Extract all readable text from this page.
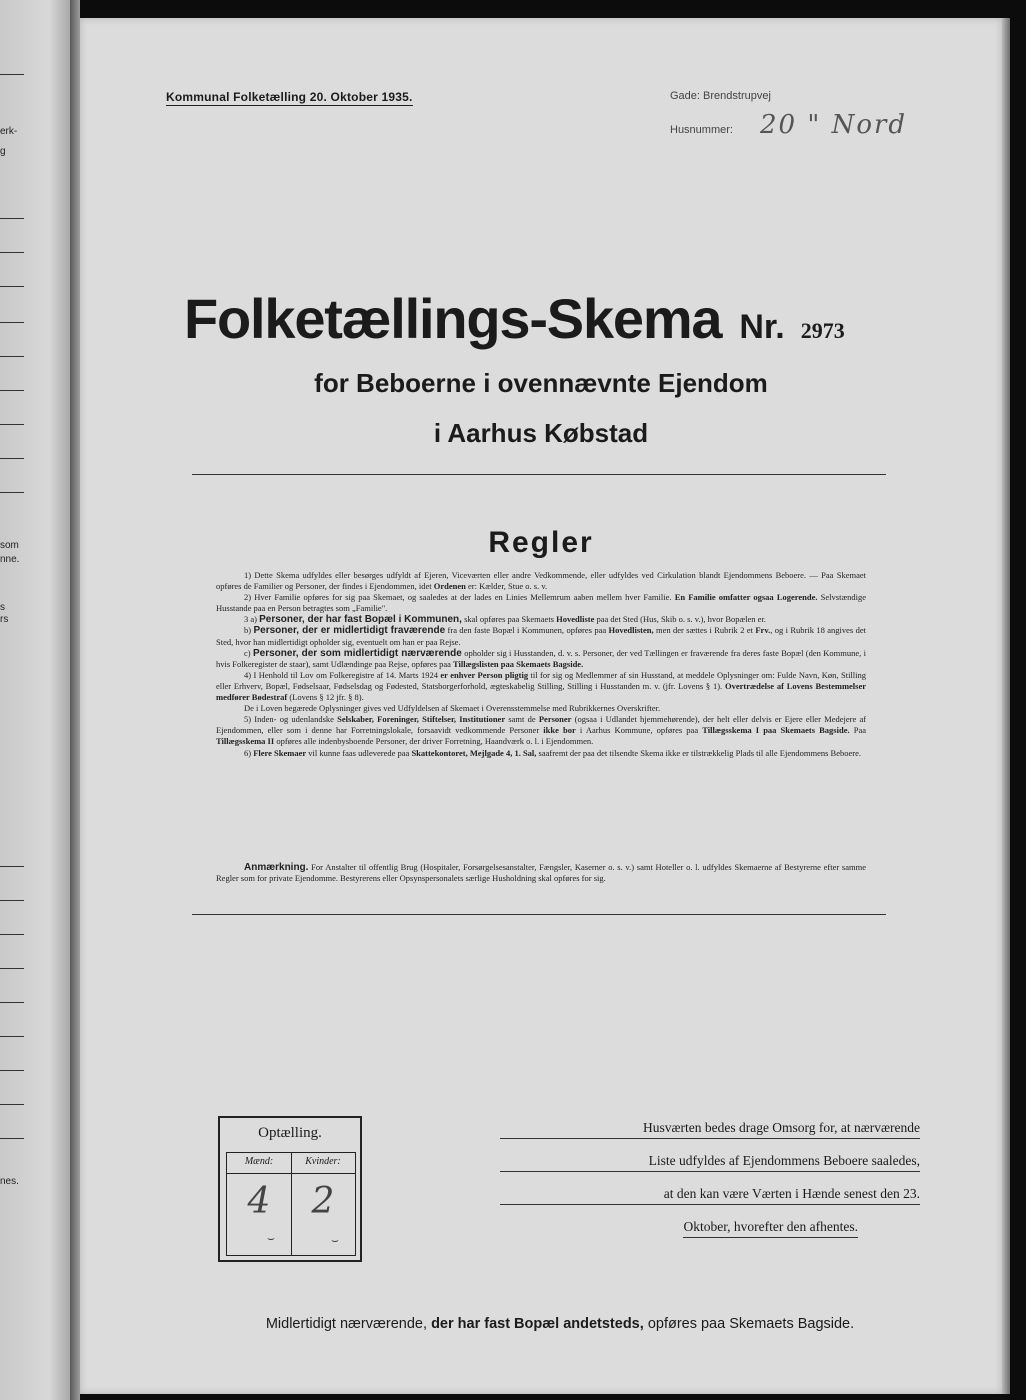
erk-
g
som
nne.
s
rs
nes.
Kommunal Folketælling 20. Oktober 1935.	Gade: Brendstrupvej
Husnummer: 20 " Nord
Folketællings-Skema Nr. 2973
for Beboerne i ovennævnte Ejendom
i Aarhus Købstad
Regler

1) Dette Skema udfyldes eller besørges udfyldt af Ejeren, Viceværten eller andre Vedkommende, eller udfyldes ved Cirkulation blandt Ejendommens Beboere. — Paa Skemaet opføres de Familier og Personer, der findes i Ejendommen, idet Ordenen er: Kælder, Stue o. s. v.

2) Hver Familie opføres for sig paa Skemaet, og saaledes at der lades en Linies Mellemrum aaben mellem hver Familie. En Familie omfatter ogsaa Logerende. Selvstændige Husstande paa en Person betragtes som „Familie".

3 a) Personer, der har fast Bopæl i Kommunen, skal opføres paa Skemaets Hovedliste paa det Sted (Hus, Skib o. s. v.), hvor Bopælen er.

b) Personer, der er midlertidigt fraværende fra den faste Bopæl i Kommunen, opføres paa Hovedlisten, men der sættes i Rubrik 2 et Frv., og i Rubrik 18 angives det Sted, hvor han midlertidigt opholder sig, eventuelt om han er paa Rejse.

c) Personer, der som midlertidigt nærværende opholder sig i Husstanden, d. v. s. Personer, der ved Tællingen er fraværende fra deres faste Bopæl (den Kommune, i hvis Folkeregister de staar), samt Udlændinge paa Rejse, opføres paa Tillægslisten paa Skemaets Bagside.

4) I Henhold til Lov om Folkeregistre af 14. Marts 1924 er enhver Person pligtig til for sig og Medlemmer af sin Husstand, at meddele Oplysninger om: Fulde Navn, Køn, Stilling eller Erhverv, Bopæl, Fødselsaar, Fødselsdag og Fødested, Statsborgerforhold, ægteskabelig Stilling, Stilling i Husstanden m. v. (jfr. Lovens § 1). Overtrædelse af Lovens Bestemmelser medfører Bødestraf (Lovens § 12 jfr. § 8).

De i Loven begærede Oplysninger gives ved Udfyldelsen af Skemaet i Overensstemmelse med Rubrikkernes Overskrifter.

5) Inden- og udenlandske Selskaber, Foreninger, Stiftelser, Institutioner samt de Personer (ogsaa i Udlandet hjemmehørende), der helt eller delvis er Ejere eller Medejere af Ejendommen, eller som i denne har Forretningslokale, forsaavidt vedkommende Personer ikke bor i Aarhus Kommune, opføres paa Tillægsskema I paa Skemaets Bagside. Paa Tillægsskema II opføres alle indenbysboende Personer, der driver Forretning, Haandværk o. l. i Ejendommen.

6) Flere Skemaer vil kunne faas udleverede paa Skattekontoret, Mejlgade 4, 1. Sal, saafremt der paa det tilsendte Skema ikke er tilstrækkelig Plads til alle Ejendommens Beboere.

Anmærkning. For Anstalter til offentlig Brug (Hospitaler, Forsørgelsesanstalter, Fængsler, Kaserner o. s. v.) samt Hoteller o. l. udfyldes Skemaerne af Bestyrerne efter samme Regler som for private Ejendomme. Bestyrerens eller Opsynspersonalets særlige Husholdning skal opføres for sig.

Optælling.
Mænd:	Kvinder:
4	2
⌣	⌣
Husværten bedes drage Omsorg for, at nærværende
Liste udfyldes af Ejendommens Beboere saaledes,
at den kan være Værten i Hænde senest den 23.
Oktober, hvorefter den afhentes.
Midlertidigt nærværende, der har fast Bopæl andetsteds, opføres paa Skemaets Bagside.
